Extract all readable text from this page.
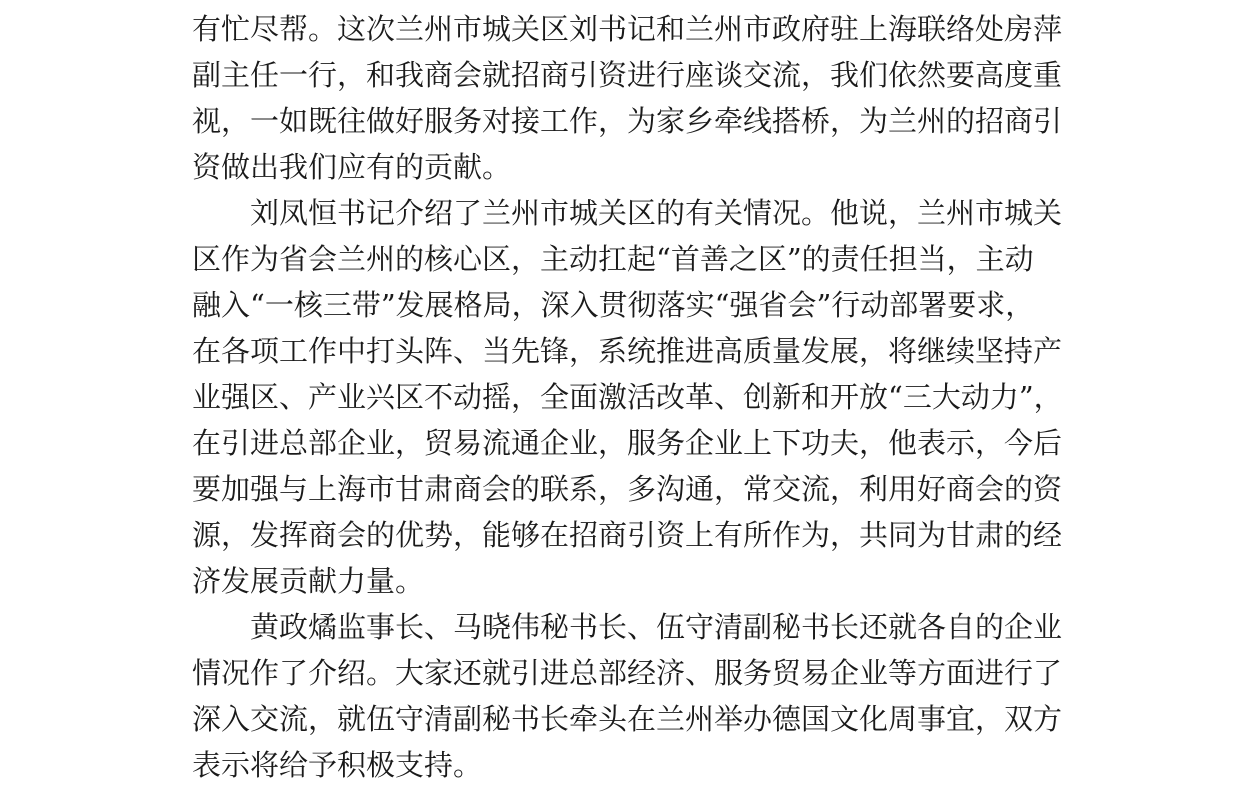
有忙尽帮。这次兰州市城关区刘书记和兰州市政府驻上海联络处房萍
副主任一行，和我商会就招商引资进行座谈交流，我们依然要高度重
视，一如既往做好服务对接工作，为家乡牵线搭桥，为兰州的招商引
资做出我们应有的贡献。
刘凤恒书记介绍了兰州市城关区的有关情况。他说，兰州市城关
区作为省会兰州的核心区，主动扛起“首善之区”的责任担当，主动
融入“一核三带”发展格局，深入贯彻落实“强省会”行动部署要求，
在各项工作中打头阵、当先锋，系统推进高质量发展，将继续坚持产
业强区、产业兴区不动摇，全面激活改革、创新和开放“三大动力”，
在引进总部企业，贸易流通企业，服务企业上下功夫，他表示，今后
要加强与上海市甘肃商会的联系，多沟通，常交流，利用好商会的资
源，发挥商会的优势，能够在招商引资上有所作为，共同为甘肃的经
济发展贡献力量。
黄政燏监事长、马晓伟秘书长、伍守清副秘书长还就各自的企业
情况作了介绍。大家还就引进总部经济、服务贸易企业等方面进行了
深入交流，就伍守清副秘书长牵头在兰州举办德国文化周事宜，双方
表示将给予积极支持。
